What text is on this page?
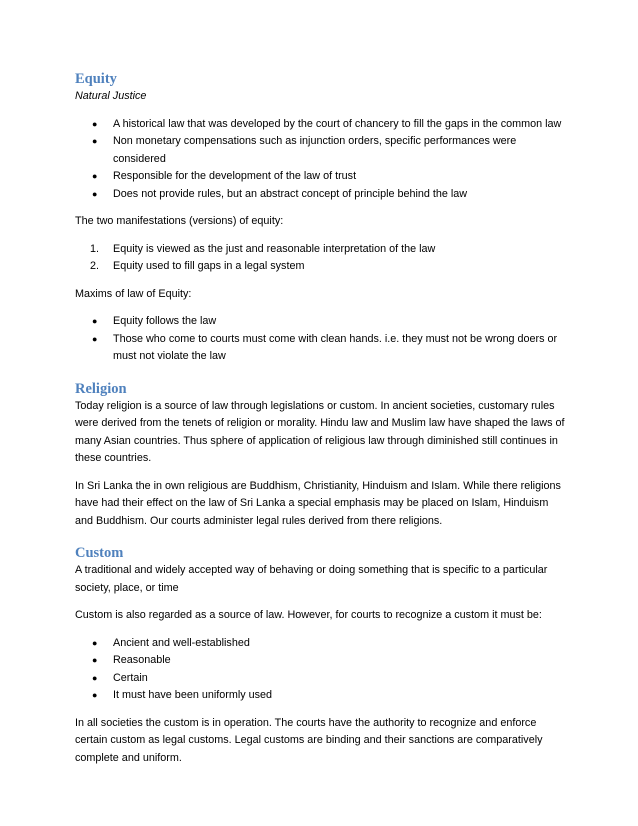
Equity

Natural Justice

● A historical law that was developed by the court of chancery to fill the gaps in the common law
● Non monetary compensations such as injunction orders, specific performances were considered
● Responsible for the development of the law of trust
● Does not provide rules, but an abstract concept of principle behind the law

The two manifestations (versions) of equity:

1. Equity is viewed as the just and reasonable interpretation of the law
2. Equity used to fill gaps in a legal system

Maxims of law of Equity:

● Equity follows the law
● Those who come to courts must come with clean hands. i.e. they must not be wrong doers or must not violate the law
Religion

Today religion is a source of law through legislations or custom. In ancient societies, customary rules were derived from the tenets of religion or morality. Hindu law and Muslim law have shaped the laws of many Asian countries. Thus sphere of application of religious law through diminished still continues in these countries.

In Sri Lanka the in own religious are Buddhism, Christianity, Hinduism and Islam. While there religions have had their effect on the law of Sri Lanka a special emphasis may be placed on Islam, Hinduism and Buddhism. Our courts administer legal rules derived from there religions.

Custom

A traditional and widely accepted way of behaving or doing something that is specific to a particular society, place, or time

Custom is also regarded as a source of law. However, for courts to recognize a custom it must be:

● Ancient and well-established
● Reasonable
● Certain
● It must have been uniformly used

In all societies the custom is in operation. The courts have the authority to recognize and enforce certain custom as legal customs. Legal customs are binding and their sanctions are comparatively complete and uniform.
